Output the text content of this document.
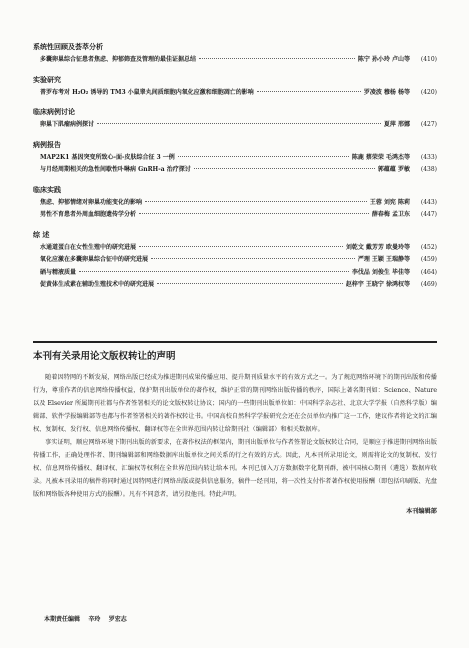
系统性回顾及荟萃分析
多囊卵巢综合征患者焦虑、抑郁筛查及管理的最佳证据总结	陈宁 孙小玲 卢山等	(410)
实验研究
普罗布考对 H₂O₂ 诱导的 TM3 小鼠睾丸间质细胞内氧化应激和细胞凋亡的影响	罗凌波 穆杨 杨等	(420)
临床病例讨论
卵巢下肌瘤病例探讨	夏萍 邢娜	(427)
病例报告
MAP2K1 基因突变所致心-面-皮肤综合征 3 一例	陈鹿 蔡荣荣 毛鸿杰等	(433)
与月经周期相关的急性间歇性卟啉病 GnRH-a 治疗探讨	郭蕴蕴 罗敏	(438)
临床实践
焦虑、抑郁情绪对卵巢功能变化的影响	王蓉 刘宪 陈莉	(443)
男性不育患者外周血细胞遗传学分析	薛春梅 孟卫东	(447)
综 述
水通道蛋白在女性生殖中的研究进展	刘乾文 戴芳芳 欧曼玲等	(452)
氧化应激在多囊卵巢综合征中的研究进展	严理 王颖 王瑞静等	(459)
硒与精液质量	李伐品 刘俊生 毕佳等	(464)
促黄体生成素在辅助生殖技术中的研究进展	赵梓宇 王晓宁 徐鸿权等	(469)
本刊有关录用论文版权转让的声明

随着因特网的不断发展，网络出版已经成为推进期刊成果传播应用、提升期刊质量水平的有效方式之一。为了规范网络环境下的期刊出版和传播行为，尊重作者的信息网络传播权益，保护期刊出版单位的著作权，维护正常的期刊网络出版传播的秩序，国际上著名期刊如：Science、Nature 以及 Elsevier 所属期刊社都与作者签署相关的论文版权转让协议；国内的一些期刊出版单位如：中国科学杂志社、北京大学学报（自然科学版）编辑部、软件学报编辑部等也都与作者签署相关的著作权转让书。中国高校自然科学学报研究会还在会员单位内推广这一工作，建议作者将论文的汇编权、复制权、发行权、信息网络传播权、翻译权等在全世界范围内转让给期刊社（编辑部）和相关数据库。

事实证明，顺应网络环境下期刊出版的新要求，在著作权法的框架内，期刊出版单位与作者签署论文版权转让合同，是顺应于推进期刊网络出版传播工作，正确处理作者、期刊编辑部和网络数据库出版单位之间关系的行之有效的方式。因此，凡本刊所录用论文，则需将论文的复制权、发行权、信息网络传播权、翻译权、汇编权等权利在全世界范围内转让给本刊。本刊已加入万方数据数字化期刊群，被中国核心期刊（遴选）数据库收录。凡被本刊录用的稿件将同时通过因特网进行网络出版或提供信息服务，稿件一经刊用，将一次性支付作者著作权使用报酬（即包括印刷版、光盘版和网络版各种使用方式的报酬）。凡有不同意者，请另投他刊。特此声明。

本刊编辑部
本期责任编辑    辛玲    罗宏志
